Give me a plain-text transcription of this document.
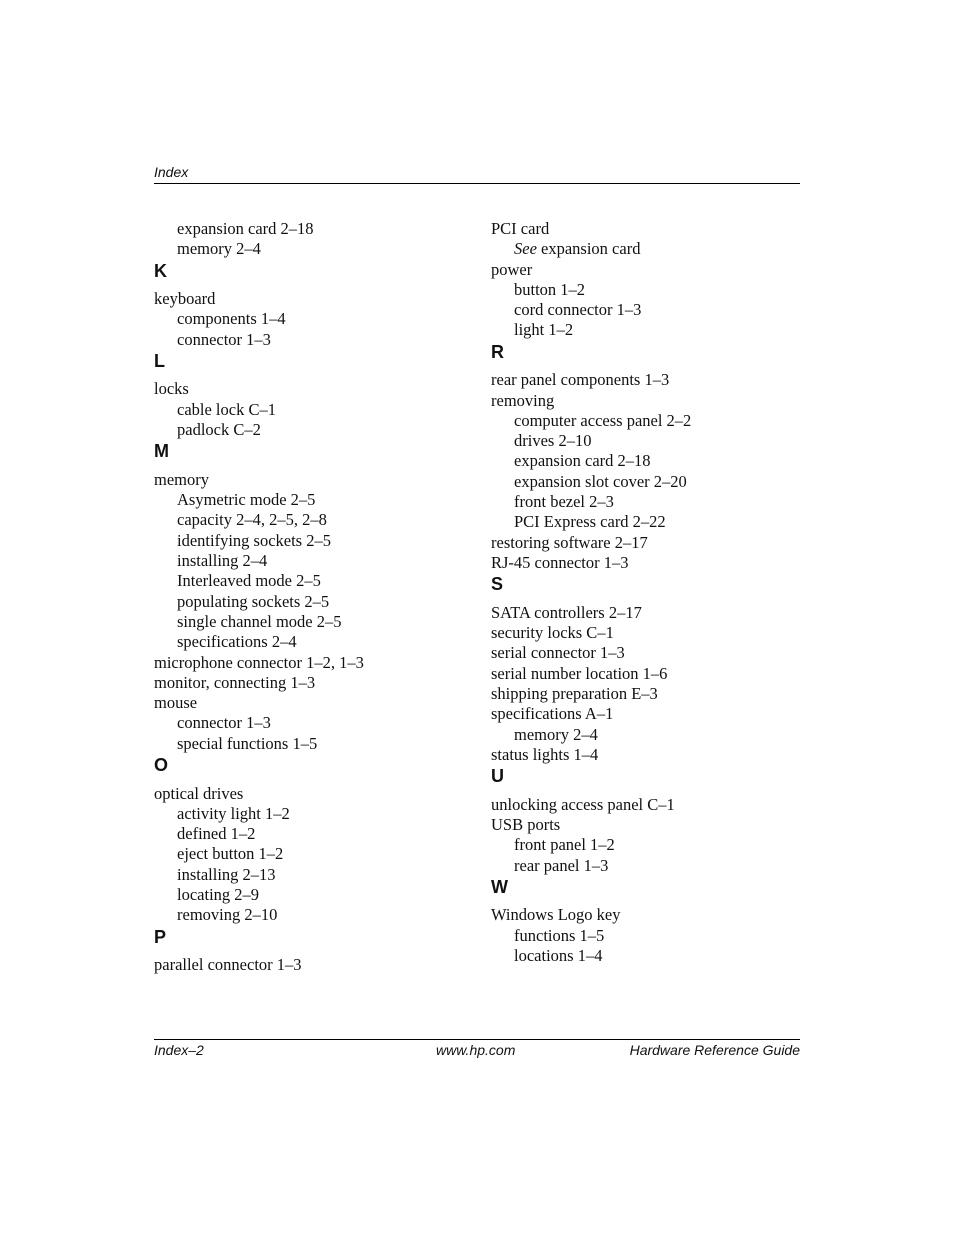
Index
expansion card 2–18
memory 2–4
K
keyboard
components 1–4
connector 1–3
L
locks
cable lock C–1
padlock C–2
M
memory
Asymetric mode 2–5
capacity 2–4, 2–5, 2–8
identifying sockets 2–5
installing 2–4
Interleaved mode 2–5
populating sockets 2–5
single channel mode 2–5
specifications 2–4
microphone connector 1–2, 1–3
monitor, connecting 1–3
mouse
connector 1–3
special functions 1–5
O
optical drives
activity light 1–2
defined 1–2
eject button 1–2
installing 2–13
locating 2–9
removing 2–10
P
parallel connector 1–3
PCI card
See expansion card
power
button 1–2
cord connector 1–3
light 1–2
R
rear panel components 1–3
removing
computer access panel 2–2
drives 2–10
expansion card 2–18
expansion slot cover 2–20
front bezel 2–3
PCI Express card 2–22
restoring software 2–17
RJ-45 connector 1–3
S
SATA controllers 2–17
security locks C–1
serial connector 1–3
serial number location 1–6
shipping preparation E–3
specifications A–1
memory 2–4
status lights 1–4
U
unlocking access panel C–1
USB ports
front panel 1–2
rear panel 1–3
W
Windows Logo key
functions 1–5
locations 1–4
Index–2	www.hp.com	Hardware Reference Guide
